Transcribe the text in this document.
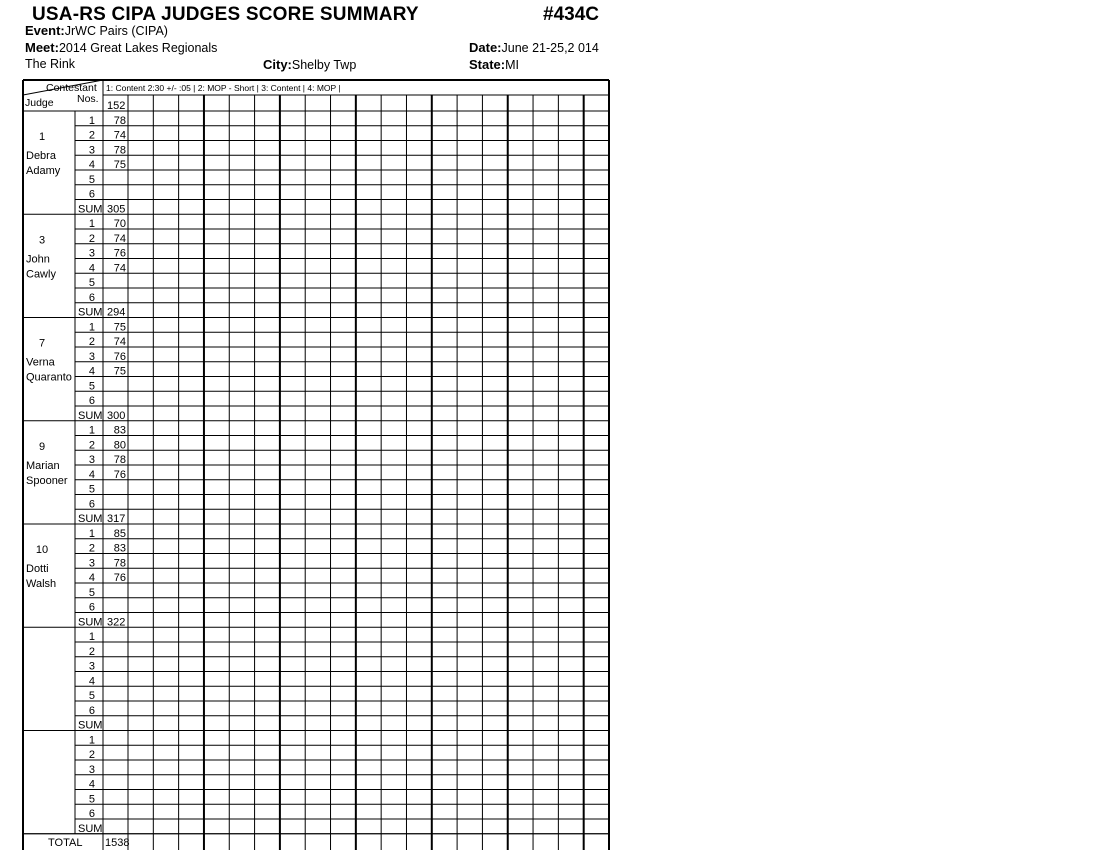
USA-RS CIPA JUDGES SCORE SUMMARY	#434C
Event:JrWC Pairs (CIPA)
Meet:2014 Great Lakes Regionals	Date:June 21-25,2 014
The Rink	City:Shelby Twp	State:MI
Contestant
Nos.
Judge
1: Content 2:30 +/- :05 | 2: MOP - Short | 3: Content | 4: MOP |
152
1
Debra
Adamy
1 78
2 74
3 78
4 75
5
6
SUM 305
3
John
Cawly
1 70
2 74
3 76
4 74
5
6
SUM 294
7
Verna
Quaranto
1 75
2 74
3 76
4 75
5
6
SUM 300
9
Marian
Spooner
1 83
2 80
3 78
4 76
5
6
SUM 317
10
Dotti
Walsh
1 85
2 83
3 78
4 76
5
6
SUM 322
1
2
3
4
5
6
SUM
1
2
3
4
5
6
SUM
TOTAL 1538
